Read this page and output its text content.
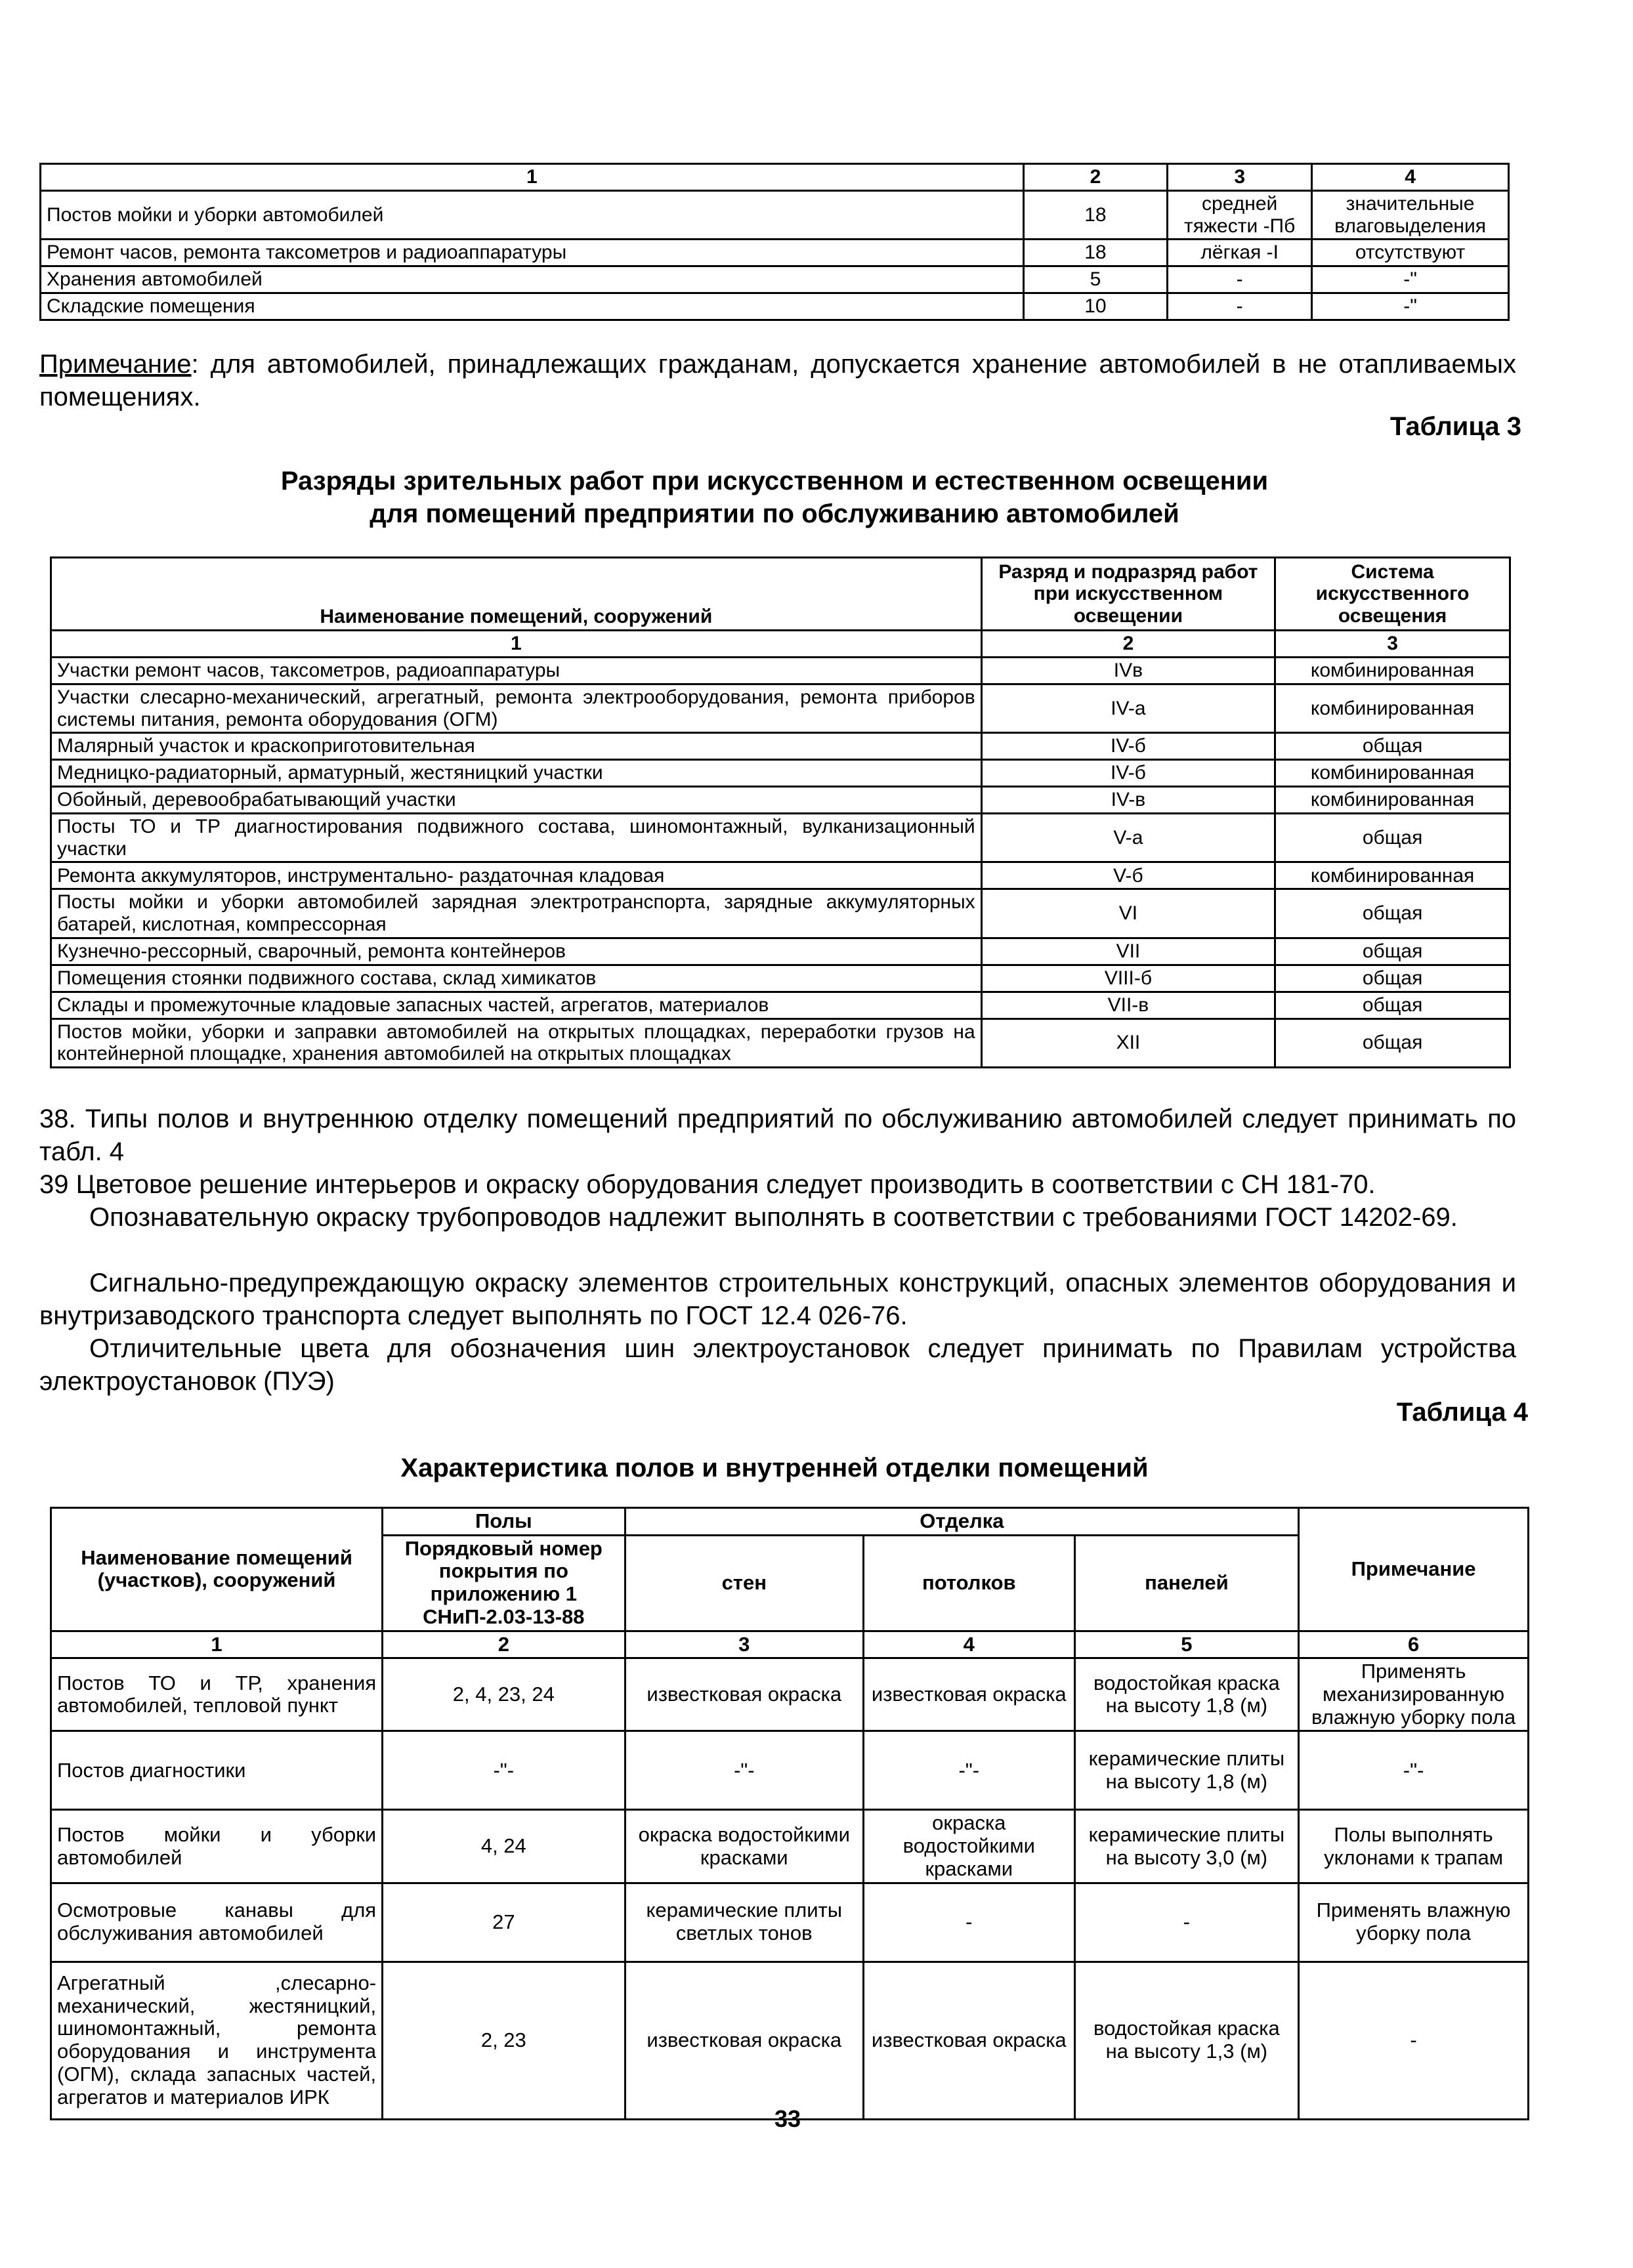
1	2	3	4
Постов мойки и уборки автомобилей	18	средней тяжести -Пб	значительные влаговыделения
Ремонт часов, ремонта таксометров и радиоаппаратуры	18	лёгкая -I	отсутствуют
Хранения автомобилей	5	-	-"
Складские помещения	10	-	-"
Примечание: для автомобилей, принадлежащих гражданам, допускается хранение автомобилей в не отапливаемых помещениях.
Таблица 3
Разряды зрительных работ при искусственном и естественном освещении
для помещений предприятии по обслуживанию автомобилей
Наименование помещений, сооружений	Разряд и подразряд работ при искусственном освещении	Система искусственного освещения
1	2	3
Участки ремонт часов, таксометров, радиоаппаратуры	IVв	комбинированная
Участки слесарно-механический, агрегатный, ремонта электрооборудования, ремонта приборов системы питания, ремонта оборудования (ОГМ)	IV-a	комбинированная
Малярный участок и краскоприготовительная	IV-б	общая
Медницко-радиаторный, арматурный, жестяницкий участки	IV-б	комбинированная
Обойный, деревообрабатывающий участки	IV-в	комбинированная
Посты ТО и ТР диагностирования подвижного состава, шиномонтажный, вулканизационный участки	V-a	общая
Ремонта аккумуляторов, инструментально- раздаточная кладовая	V-б	комбинированная
Посты мойки и уборки автомобилей зарядная электротранспорта, зарядные аккумуляторных батарей, кислотная, компрессорная	VI	общая
Кузнечно-рессорный, сварочный, ремонта контейнеров	VII	общая
Помещения стоянки подвижного состава, склад химикатов	VIII-б	общая
Склады и промежуточные кладовые запасных частей, агрегатов, материалов	VII-в	общая
Постов мойки, уборки и заправки автомобилей на открытых площадках, переработки грузов на контейнерной площадке, хранения автомобилей на открытых площадках	XII	общая
38. Типы полов и внутреннюю отделку помещений предприятий по обслуживанию автомобилей следует принимать по табл. 4
39 Цветовое решение интерьеров и окраску оборудования следует производить в соответствии с СН 181-70.
Опознавательную окраску трубопроводов надлежит выполнять в соответствии с требованиями ГОСТ 14202-69.
Сигнально-предупреждающую окраску элементов строительных конструкций, опасных элементов оборудования и внутризаводского транспорта следует выполнять по ГОСТ 12.4 026-76.
Отличительные цвета для обозначения шин электроустановок следует принимать по Правилам устройства электроустановок (ПУЭ)
Таблица 4
Характеристика полов и внутренней отделки помещений
Наименование помещений (участков), сооружений	Полы	Отделка			Примечание
	Порядковый номер покрытия по приложению 1 СНиП-2.03-13-88	стен	потолков	панелей	
1	2	3	4	5	6
Постов ТО и ТР, хранения автомобилей, тепловой пункт	2, 4, 23, 24	известковая окраска	известковая окраска	водостойкая краска на высоту 1,8 (м)	Применять механизированную влажную уборку пола
Постов диагностики	-"-	-"-	-"-	керамические плиты на высоту 1,8 (м)	-"-
Постов мойки и уборки автомобилей	4, 24	окраска водостойкими красками	окраска водостойкими красками	керамические плиты на высоту 3,0 (м)	Полы выполнять уклонами к трапам
Осмотровые канавы для обслуживания автомобилей	27	керамические плиты светлых тонов	-	-	Применять влажную уборку пола
Агрегатный ,слесарно-механический, жестяницкий, шиномонтажный, ремонта оборудования и инструмента (ОГМ), склада запасных частей, агрегатов и материалов ИРК	2, 23	известковая окраска	известковая окраска	водостойкая краска на высоту 1,3 (м)	-
33
